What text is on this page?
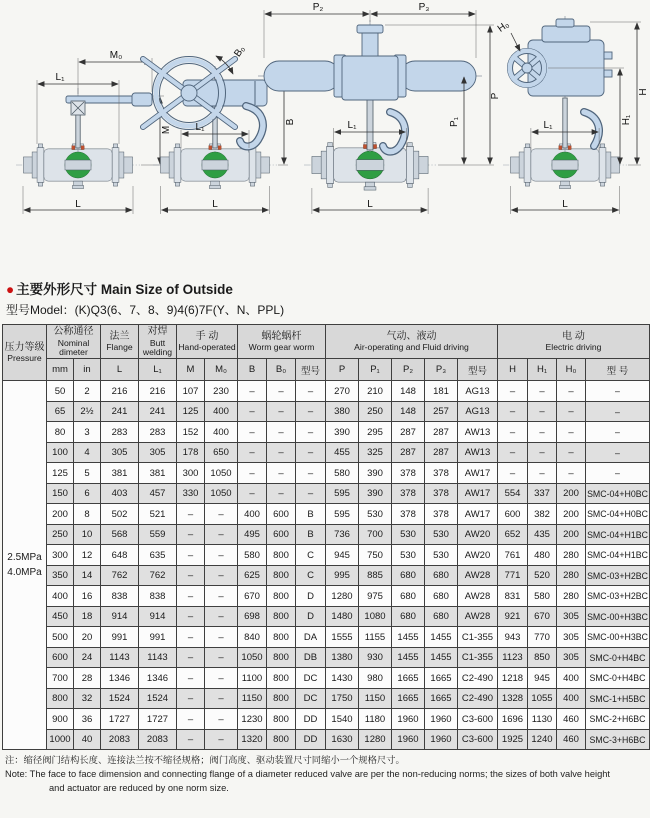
L₁
M₀
M
L
B₀
B
L₁
L
P₂	P₃
P
P₁
L₁
L
H₀
H
H₁
L₁
L
● 主要外形尺寸 Main Size of Outside
型号Model：(K)Q3(6、7、8、9)4(6)7F(Y、N、PPL)
压力等级
Pressure

公称通径
Nominal dimeter

法兰
Flange

对焊
Butt welding

手 动
Hand-operated

蜗轮蜗杆
Worm gear worm

气动、液动
Air-operating and Fluid driving

电 动
Electric driving

	mm	in	L	L₁	M	M₀	B	B₀	型号	P	P₁	P₂	P₃	型号	H	H₁	H₀	型 号

2.5MPa
4.0MPa	50	2	216	216	107	230	–	–	–	270	210	148	181	AG13	–	–	–	–
	65	2½	241	241	125	400	–	–	–	380	250	148	257	AG13	–	–	–	–
	80	3	283	283	152	400	–	–	–	390	295	287	287	AW13	–	–	–	–
	100	4	305	305	178	650	–	–	–	455	325	287	287	AW13	–	–	–	–
	125	5	381	381	300	1050	–	–	–	580	390	378	378	AW17	–	–	–	–
	150	6	403	457	330	1050	–	–	–	595	390	378	378	AW17	554	337	200	SMC-04+H0BC
	200	8	502	521	–	–	400	600	B	595	530	378	378	AW17	600	382	200	SMC-04+H0BC
	250	10	568	559	–	–	495	600	B	736	700	530	530	AW20	652	435	200	SMC-04+H1BC
	300	12	648	635	–	–	580	800	C	945	750	530	530	AW20	761	480	280	SMC-04+H1BC
	350	14	762	762	–	–	625	800	C	995	885	680	680	AW28	771	520	280	SMC-03+H2BC
	400	16	838	838	–	–	670	800	D	1280	975	680	680	AW28	831	580	280	SMC-03+H2BC
	450	18	914	914	–	–	698	800	D	1480	1080	680	680	AW28	921	670	305	SMC-00+H3BC
	500	20	991	991	–	–	840	800	DA	1555	1155	1455	1455	C1-355	943	770	305	SMC-00+H3BC
	600	24	1143	1143	–	–	1050	800	DB	1380	930	1455	1455	C1-355	1123	850	305	SMC-0+H4BC
	700	28	1346	1346	–	–	1100	800	DC	1430	980	1665	1665	C2-490	1218	945	400	SMC-0+H4BC
	800	32	1524	1524	–	–	1150	800	DC	1750	1150	1665	1665	C2-490	1328	1055	400	SMC-1+H5BC
	900	36	1727	1727	–	–	1230	800	DD	1540	1180	1960	1960	C3-600	1696	1130	460	SMC-2+H6BC
	1000	40	2083	2083	–	–	1320	800	DD	1630	1280	1960	1960	C3-600	1925	1240	460	SMC-3+H6BC
注：缩径阀门结构长度、连接法兰按不缩径规格；阀门高度、驱动装置尺寸同缩小一个规格尺寸。
Note: The face to face dimension and connecting flange of a diameter reduced valve are per the non-reducing norms; the sizes of both valve height
and actuator are reduced by one norm size.
